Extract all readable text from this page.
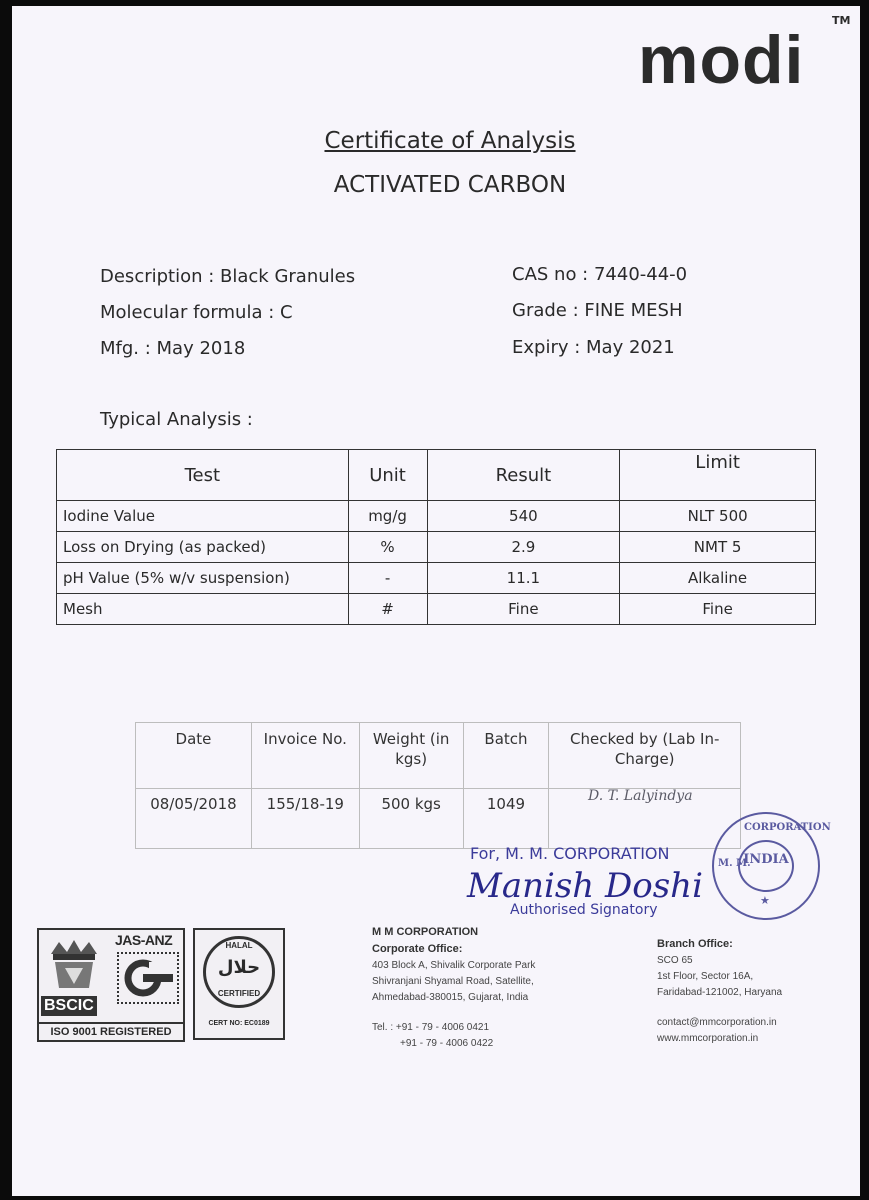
modi
TM
Certificate of Analysis
ACTIVATED CARBON
Description : Black Granules
Molecular formula : C
Mfg. : May 2018
CAS no : 7440-44-0
Grade : FINE MESH
Expiry : May 2021
Typical Analysis :
Test	Unit	Result	Limit
Iodine Value	mg/g	540	NLT 500
Loss on Drying (as packed)	%	2.9	NMT 5
pH Value (5% w/v suspension)	-	11.1	Alkaline
Mesh	#	Fine	Fine
Date	Invoice No.	Weight (in kgs)	Batch	Checked by (Lab In-Charge)
08/05/2018	155/18-19	500 kgs	1049		D. T. Lalyindya
For, M. M. CORPORATION
Manish Doshi
Authorised Signatory
CORPORATION
M. M.
INDIA
★
M M CORPORATION
Corporate Office:
403 Block A, Shivalik Corporate Park
Shivranjani Shyamal Road, Satellite,
Ahmedabad-380015, Gujarat, India

Tel. : +91 - 79 - 4006 0421
+91 - 79 - 4006 0422
Branch Office:
SCO 65
1st Floor, Sector 16A,
Faridabad-121002, Haryana

contact@mmcorporation.in
www.mmcorporation.in
JAS-ANZ
BSCIC
ISO 9001 REGISTERED
HALAL
حلال
CERTIFIED
CERT NO: EC0189
